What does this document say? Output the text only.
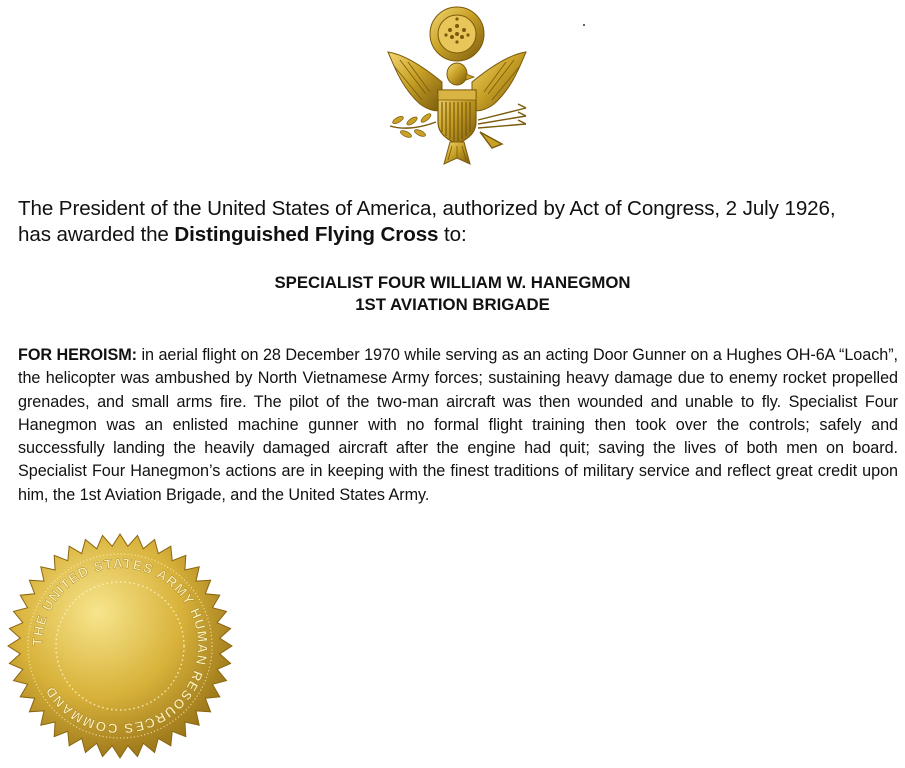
The President of the United States of America, authorized by Act of Congress, 2 July 1926,
has awarded the Distinguished Flying Cross to:
SPECIALIST FOUR WILLIAM W. HANEGMON
1ST AVIATION BRIGADE
FOR HEROISM: in aerial flight on 28 December 1970 while serving as an acting Door Gunner on a Hughes OH-6A “Loach”, the helicopter was ambushed by North Vietnamese Army forces; sustaining heavy damage due to enemy rocket propelled grenades, and small arms fire. The pilot of the two-man aircraft was then wounded and unable to fly. Specialist Four Hanegmon was an enlisted machine gunner with no formal flight training then took over the controls; safely and successfully landing the heavily damaged aircraft after the engine had quit; saving the lives of both men on board. Specialist Four Hanegmon’s actions are in keeping with the finest traditions of military service and reflect great credit upon him, the 1st Aviation Brigade, and the United States Army.
THE UNITED STATES ARMY HUMAN RESOURCES COMMAND
